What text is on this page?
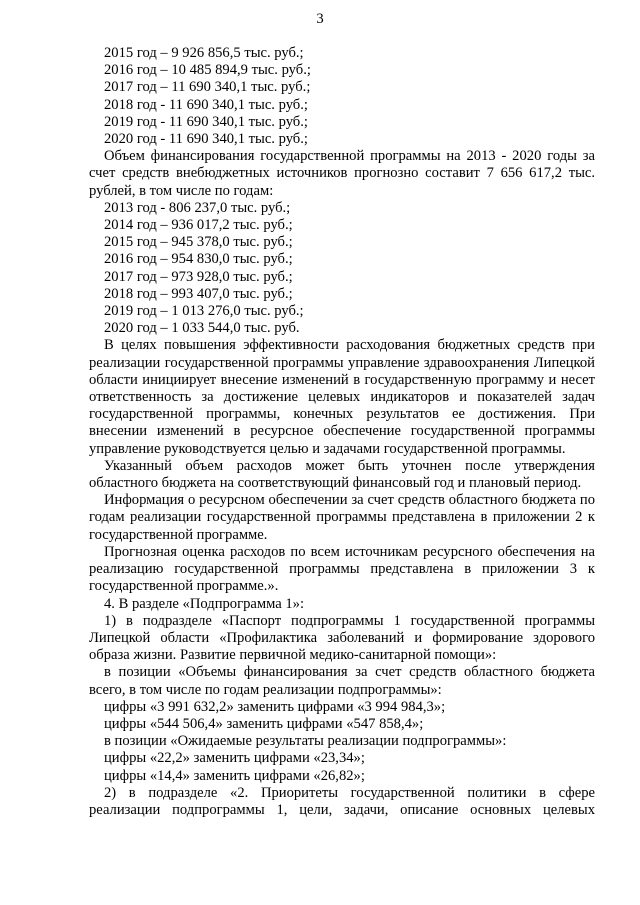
3
2015 год – 9 926 856,5 тыс. руб.;
2016 год – 10 485 894,9 тыс. руб.;
2017 год – 11 690 340,1 тыс. руб.;
2018 год - 11 690 340,1 тыс. руб.;
2019 год - 11 690 340,1 тыс. руб.;
2020 год - 11 690 340,1 тыс. руб.;
Объем финансирования государственной программы на 2013 - 2020 годы за
счет средств внебюджетных источников прогнозно составит 7 656 617,2 тыс.
рублей, в том числе по годам:
2013 год - 806 237,0 тыс. руб.;
2014 год – 936 017,2 тыс. руб.;
2015 год – 945 378,0 тыс. руб.;
2016 год – 954 830,0 тыс. руб.;
2017 год – 973 928,0 тыс. руб.;
2018 год – 993 407,0 тыс. руб.;
2019 год – 1 013 276,0 тыс. руб.;
2020 год – 1 033 544,0 тыс. руб.
В целях повышения эффективности расходования бюджетных средств при реализации государственной программы управление здравоохранения Липецкой области инициирует внесение изменений в государственную программу и несет ответственность за достижение целевых индикаторов и показателей задач государственной программы, конечных результатов ее достижения. При внесении изменений в ресурсное обеспечение государственной программы управление руководствуется целью и задачами государственной программы.
Указанный объем расходов может быть уточнен после утверждения областного бюджета на соответствующий финансовый год и плановый период.
Информация о ресурсном обеспечении за счет средств областного бюджета по годам реализации государственной программы представлена в приложении 2 к государственной программе.
Прогнозная оценка расходов по всем источникам ресурсного обеспечения на реализацию государственной программы представлена в приложении 3 к государственной программе.».
4. В разделе «Подпрограмма 1»:
1) в подразделе «Паспорт подпрограммы 1 государственной программы Липецкой области «Профилактика заболеваний и формирование здорового образа жизни. Развитие первичной медико-санитарной помощи»:
в позиции «Объемы финансирования за счет средств областного бюджета всего, в том числе по годам реализации подпрограммы»:
цифры «3 991 632,2» заменить цифрами «3 994 984,3»;
цифры «544 506,4» заменить цифрами «547 858,4»;
в позиции «Ожидаемые результаты реализации подпрограммы»:
цифры «22,2» заменить цифрами «23,34»;
цифры «14,4» заменить цифрами «26,82»;
2) в подразделе «2. Приоритеты государственной политики в сфере
реализации подпрограммы 1, цели, задачи, описание основных целевых
